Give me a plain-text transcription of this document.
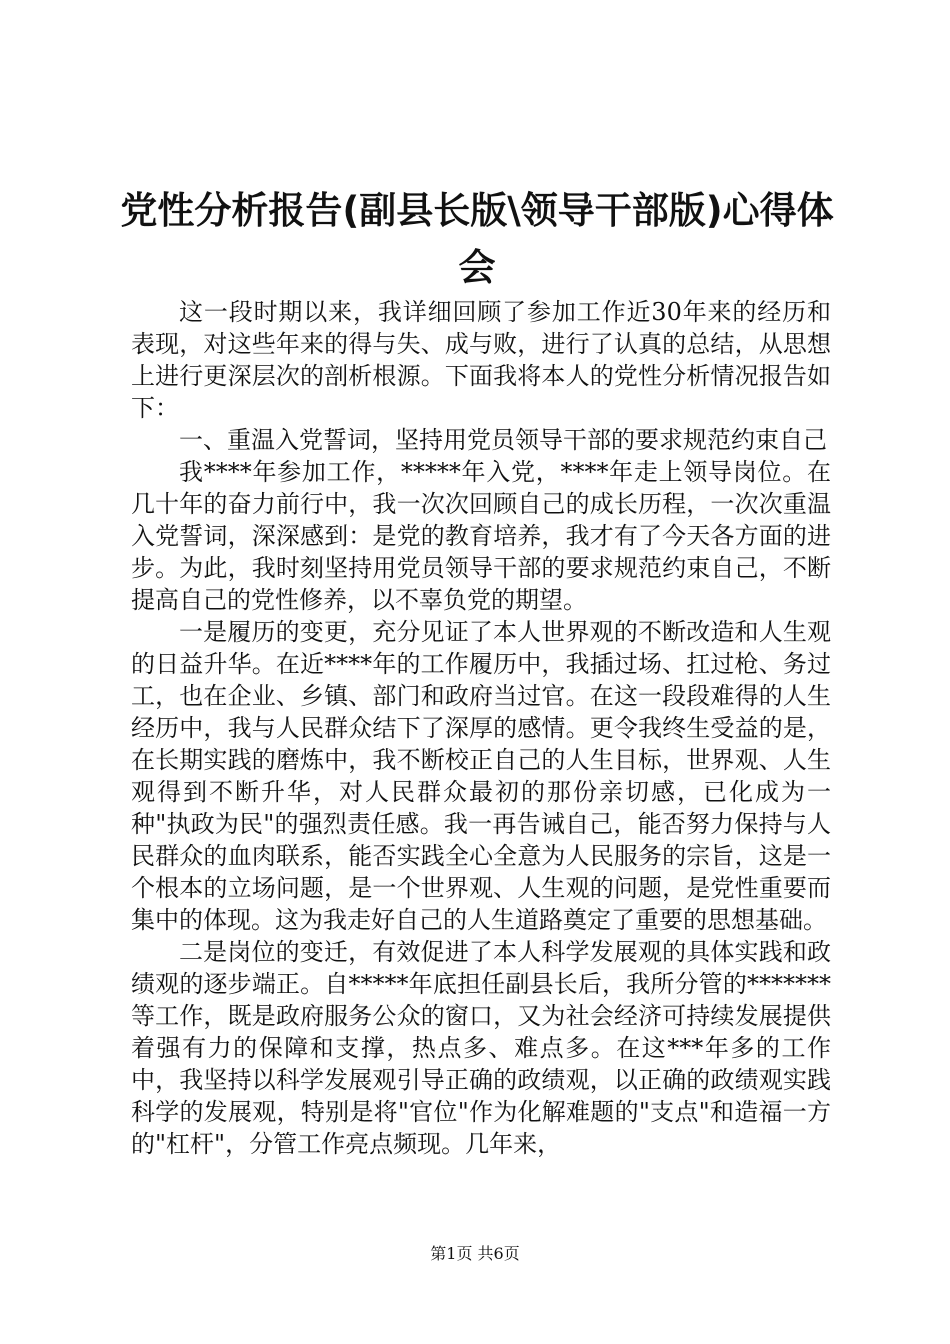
党性分析报告(副县长版\领导干部版)心得体会

这一段时期以来，我详细回顾了参加工作近30年来的经历和表现，对这些年来的得与失、成与败，进行了认真的总结，从思想上进行更深层次的剖析根源。下面我将本人的党性分析情况报告如下：

一、重温入党誓词，坚持用党员领导干部的要求规范约束自己

我****年参加工作，*****年入党，****年走上领导岗位。在几十年的奋力前行中，我一次次回顾自己的成长历程，一次次重温入党誓词，深深感到：是党的教育培养，我才有了今天各方面的进步。为此，我时刻坚持用党员领导干部的要求规范约束自己，不断提高自己的党性修养，以不辜负党的期望。

一是履历的变更，充分见证了本人世界观的不断改造和人生观的日益升华。在近****年的工作履历中，我插过场、扛过枪、务过工，也在企业、乡镇、部门和政府当过官。在这一段段难得的人生经历中，我与人民群众结下了深厚的感情。更令我终生受益的是，在长期实践的磨炼中，我不断校正自己的人生目标，世界观、人生观得到不断升华，对人民群众最初的那份亲切感，已化成为一种"执政为民"的强烈责任感。我一再告诫自己，能否努力保持与人民群众的血肉联系，能否实践全心全意为人民服务的宗旨，这是一个根本的立场问题，是一个世界观、人生观的问题，是党性重要而集中的体现。这为我走好自己的人生道路奠定了重要的思想基础。

二是岗位的变迁，有效促进了本人科学发展观的具体实践和政绩观的逐步端正。自*****年底担任副县长后，我所分管的*******等工作，既是政府服务公众的窗口，又为社会经济可持续发展提供着强有力的保障和支撑，热点多、难点多。在这***年多的工作中，我坚持以科学发展观引导正确的政绩观，以正确的政绩观实践科学的发展观，特别是将"官位"作为化解难题的"支点"和造福一方的"杠杆"，分管工作亮点频现。几年来，

第1页 共6页
